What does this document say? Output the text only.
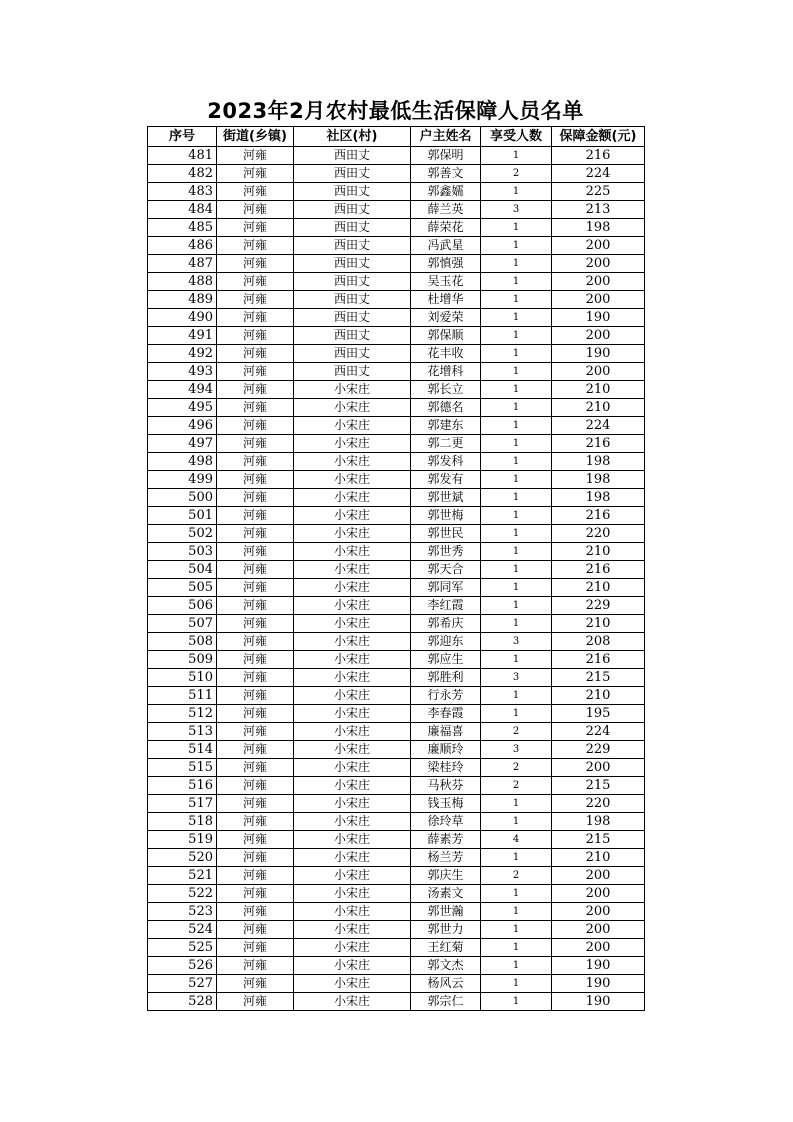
2023年2月农村最低生活保障人员名单
序号	街道(乡镇)	社区(村)	户主姓名	享受人数	保障金额(元)
481	河雍	西田丈	郭保明	1	216
482	河雍	西田丈	郭善文	2	224
483	河雍	西田丈	郭鑫嬬	1	225
484	河雍	西田丈	薛兰英	3	213
485	河雍	西田丈	薛荣花	1	198
486	河雍	西田丈	冯武星	1	200
487	河雍	西田丈	郭慎强	1	200
488	河雍	西田丈	吴玉花	1	200
489	河雍	西田丈	杜增华	1	200
490	河雍	西田丈	刘爱荣	1	190
491	河雍	西田丈	郭保顺	1	200
492	河雍	西田丈	花丰收	1	190
493	河雍	西田丈	花增科	1	200
494	河雍	小宋庄	郭长立	1	210
495	河雍	小宋庄	郭德名	1	210
496	河雍	小宋庄	郭建东	1	224
497	河雍	小宋庄	郭二更	1	216
498	河雍	小宋庄	郭发科	1	198
499	河雍	小宋庄	郭发有	1	198
500	河雍	小宋庄	郭世斌	1	198
501	河雍	小宋庄	郭世梅	1	216
502	河雍	小宋庄	郭世民	1	220
503	河雍	小宋庄	郭世秀	1	210
504	河雍	小宋庄	郭天合	1	216
505	河雍	小宋庄	郭同军	1	210
506	河雍	小宋庄	李红霞	1	229
507	河雍	小宋庄	郭希庆	1	210
508	河雍	小宋庄	郭迎东	3	208
509	河雍	小宋庄	郭应生	1	216
510	河雍	小宋庄	郭胜利	3	215
511	河雍	小宋庄	行永芳	1	210
512	河雍	小宋庄	李春霞	1	195
513	河雍	小宋庄	廉福喜	2	224
514	河雍	小宋庄	廉顺玲	3	229
515	河雍	小宋庄	梁桂玲	2	200
516	河雍	小宋庄	马秋芬	2	215
517	河雍	小宋庄	钱玉梅	1	220
518	河雍	小宋庄	徐玲草	1	198
519	河雍	小宋庄	薛素芳	4	215
520	河雍	小宋庄	杨兰芳	1	210
521	河雍	小宋庄	郭庆生	2	200
522	河雍	小宋庄	汤素文	1	200
523	河雍	小宋庄	郭世瀚	1	200
524	河雍	小宋庄	郭世力	1	200
525	河雍	小宋庄	王红菊	1	200
526	河雍	小宋庄	郭文杰	1	190
527	河雍	小宋庄	杨风云	1	190
528	河雍	小宋庄	郭宗仁	1	190
